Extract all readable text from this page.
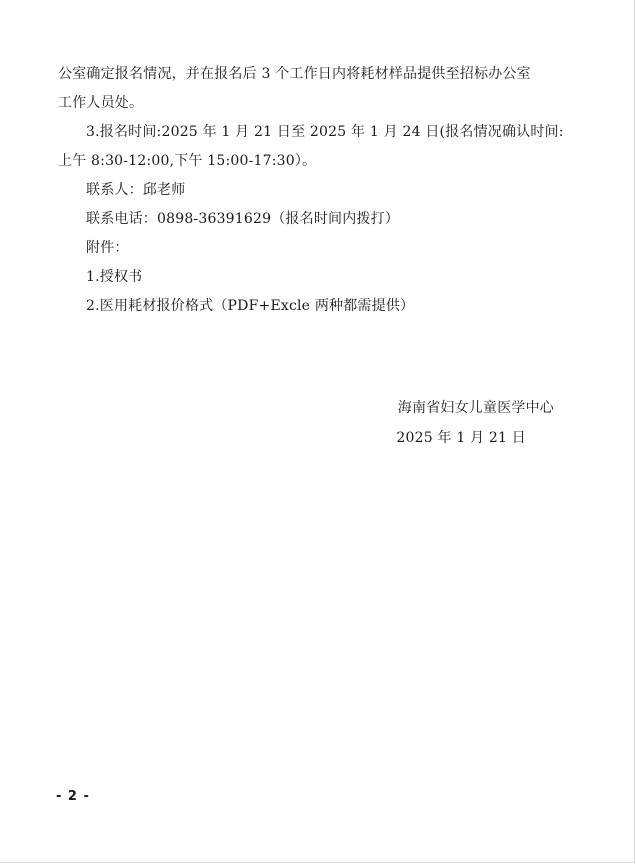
公室确定报名情况，并在报名后 3 个工作日内将耗材样品提供至招标办公室
工作人员处。
3.报名时间:2025 年 1 月 21 日至 2025 年 1 月 24 日(报名情况确认时间:
上午 8:30-12:00,下午 15:00-17:30）。
联系人：邱老师
联系电话：0898-36391629（报名时间内拨打）
附件：
1.授权书
2.医用耗材报价格式（PDF+Excle 两种都需提供）
海南省妇女儿童医学中心
2025 年 1 月 21 日
- 2 -
